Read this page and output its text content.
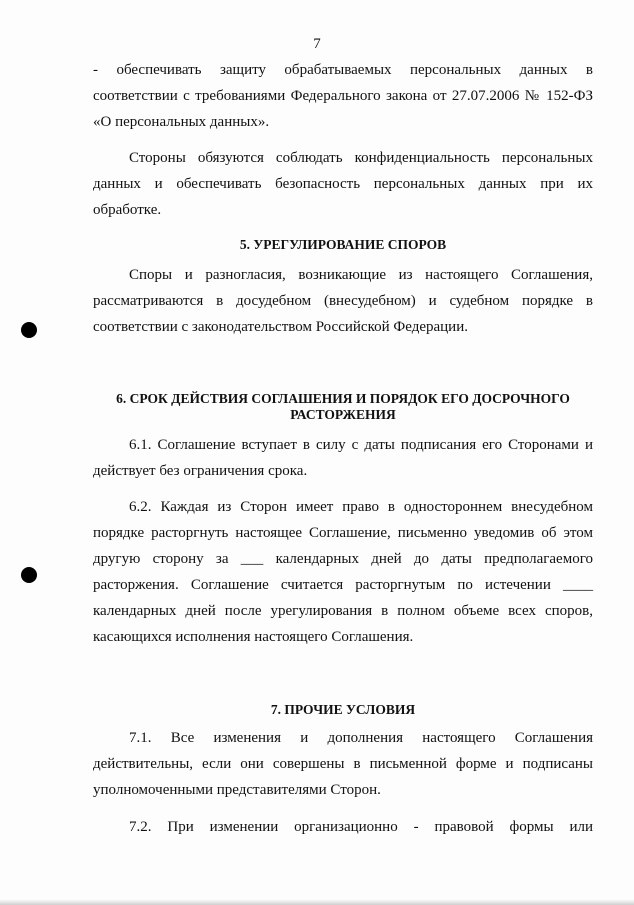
7
- обеспечивать защиту обрабатываемых персональных данных в
соответствии с требованиями Федерального закона от 27.07.2006 № 152-ФЗ
«О персональных данных».
Стороны обязуются соблюдать конфиденциальность персональных
данных и обеспечивать безопасность персональных данных при их
обработке.
5. УРЕГУЛИРОВАНИЕ СПОРОВ
Споры и разногласия, возникающие из настоящего Соглашения,
рассматриваются в досудебном (внесудебном) и судебном порядке в
соответствии с законодательством Российской Федерации.
6. СРОК ДЕЙСТВИЯ СОГЛАШЕНИЯ И ПОРЯДОК ЕГО ДОСРОЧНОГО
РАСТОРЖЕНИЯ
6.1. Соглашение вступает в силу с даты подписания его Сторонами и
действует без ограничения срока.
6.2. Каждая из Сторон имеет право в одностороннем внесудебном
порядке расторгнуть настоящее Соглашение, письменно уведомив об этом
другую сторону за ___ календарных дней до даты предполагаемого
расторжения. Соглашение считается расторгнутым по истечении ____
календарных дней после урегулирования в полном объеме всех споров,
касающихся исполнения настоящего Соглашения.
7. ПРОЧИЕ УСЛОВИЯ
7.1. Все изменения и дополнения настоящего Соглашения
действительны, если они совершены в письменной форме и подписаны
уполномоченными представителями Сторон.
7.2. При изменении организационно - правовой формы или
